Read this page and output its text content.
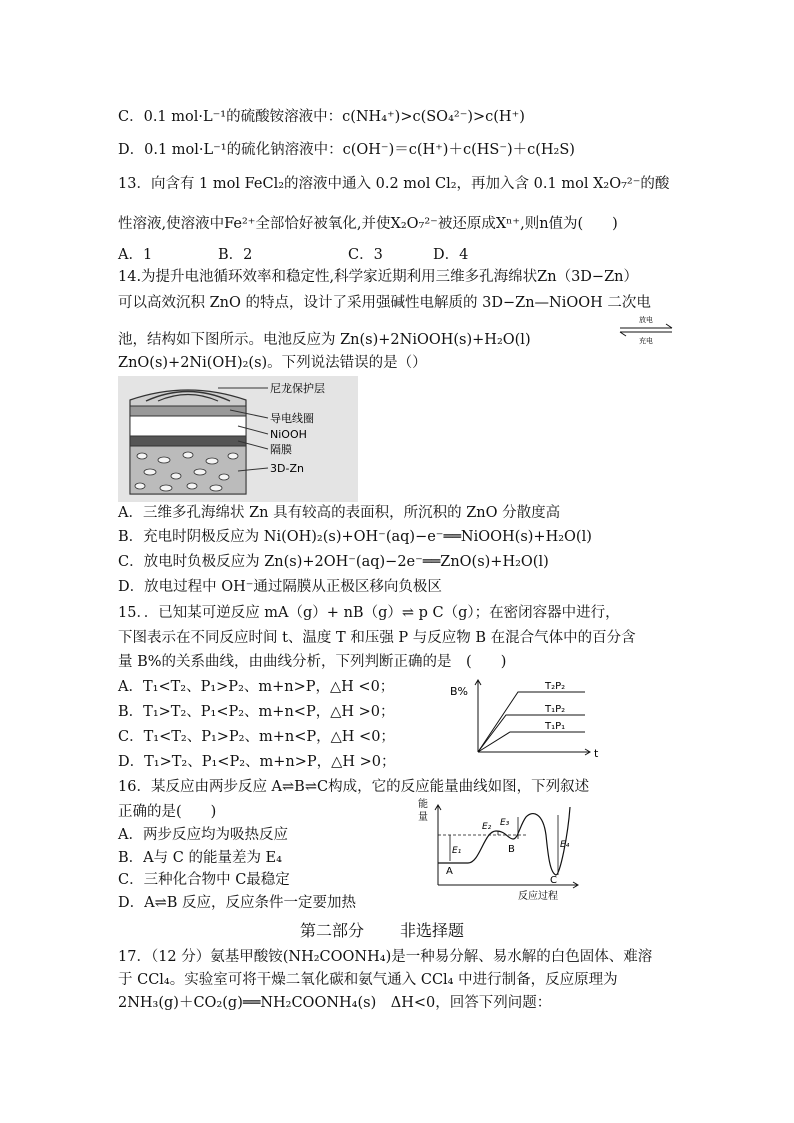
C．0.1 mol·L⁻¹的硫酸铵溶液中：c(NH₄⁺)>c(SO₄²⁻)>c(H⁺)
D．0.1 mol·L⁻¹的硫化钠溶液中：c(OH⁻)＝c(H⁺)＋c(HS⁻)＋c(H₂S)
13．向含有 1 mol FeCl₂的溶液中通入 0.2 mol Cl₂，再加入含 0.1 mol X₂O₇²⁻的酸
性溶液,使溶液中Fe²⁺全部恰好被氧化,并使X₂O₇²⁻被还原成Xⁿ⁺,则n值为(　　)
A．1	B．2	C．3	D．4
14.为提升电池循环效率和稳定性,科学家近期利用三维多孔海绵状Zn（3D−Zn）
可以高效沉积 ZnO 的特点，设计了采用强碱性电解质的 3D−Zn—NiOOH 二次电
池，结构如下图所示。电池反应为 Zn(s)+2NiOOH(s)+H₂O(l)
放电
充电
ZnO(s)+2Ni(OH)₂(s)。下列说法错误的是（）
尼龙保护层
导电线圈
NiOOH
隔膜
3D-Zn
A．三维多孔海绵状 Zn 具有较高的表面积，所沉积的 ZnO 分散度高
B．充电时阴极反应为 Ni(OH)₂(s)+OH⁻(aq)−e⁻══NiOOH(s)+H₂O(l)
C．放电时负极反应为 Zn(s)+2OH⁻(aq)−2e⁻══ZnO(s)+H₂O(l)
D．放电过程中 OH⁻通过隔膜从正极区移向负极区
15．．已知某可逆反应 mA（g）+ nB（g）⇌ p C（g）；在密闭容器中进行，
下图表示在不同反应时间 t、温度 T 和压强 P 与反应物 B 在混合气体中的百分含
量 B%的关系曲线，由曲线分析，下列判断正确的是　(　　)
A．T₁<T₂、P₁>P₂、m+n>P，△H <0；
B．T₁>T₂、P₁<P₂、m+n<P，△H >0；
C．T₁<T₂、P₁>P₂、m+n<P，△H <0；
D．T₁>T₂、P₁<P₂、m+n>P，△H >0；
B%
t
T₂P₂
T₁P₂
T₁P₁
16．某反应由两步反应 A⇌B⇌C构成，它的反应能量曲线如图，下列叙述
正确的是(　　)
A．两步反应均为吸热反应
B．A与 C 的能量差为 E₄
C．三种化合物中 C最稳定
D．A⇌B 反应，反应条件一定要加热
能
量
反应过程
E₁
E₂ E₃
E₄
A
B
C
第二部分 非选择题
17．（12 分）氨基甲酸铵(NH₂COONH₄)是一种易分解、易水解的白色固体、难溶
于 CCl₄。实验室可将干燥二氧化碳和氨气通入 CCl₄ 中进行制备，反应原理为
2NH₃(g)＋CO₂(g)══NH₂COONH₄(s)　ΔH<0，回答下列问题：
